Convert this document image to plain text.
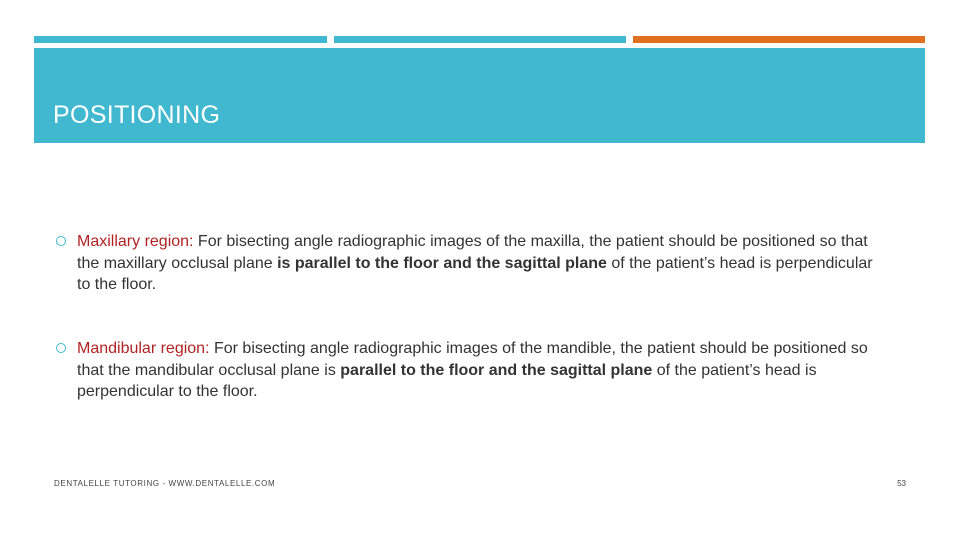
POSITIONING
Maxillary region: For bisecting angle radiographic images of the maxilla, the patient should be positioned so that the maxillary occlusal plane is parallel to the floor and the sagittal plane of the patient’s head is perpendicular to the floor.
Mandibular region: For bisecting angle radiographic images of the mandible, the patient should be positioned so that the mandibular occlusal plane is parallel to the floor and the sagittal plane of the patient’s head is perpendicular to the floor.
DENTALELLE TUTORING - WWW.DENTALELLE.COM	53
